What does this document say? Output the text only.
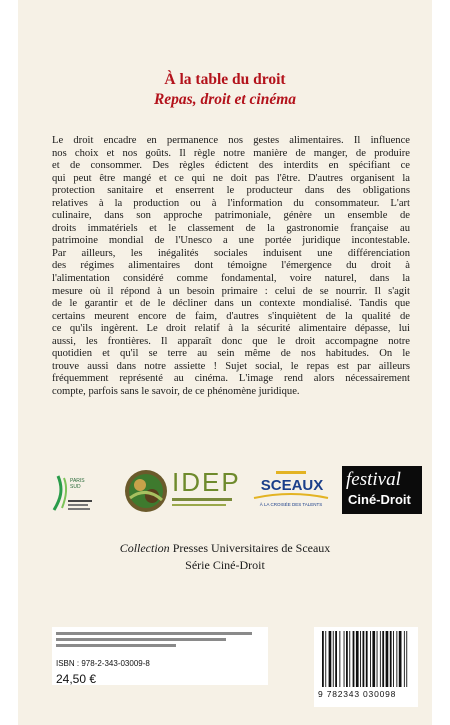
À la table du droit
Repas, droit et cinéma
Le droit encadre en permanence nos gestes alimentaires. Il influence
nos choix et nos goûts. Il règle notre manière de manger, de produire
et de consommer. Des règles édictent des interdits en spécifiant ce
qui peut être mangé et ce qui ne doit pas l'être. D'autres organisent la
protection sanitaire et enserrent le producteur dans des obligations
relatives à la production ou à l'information du consommateur. L'art
culinaire, dans son approche patrimoniale, génère un ensemble de
droits immatériels et le classement de la gastronomie française au
patrimoine mondial de l'Unesco a une portée juridique incontestable.
Par ailleurs, les inégalités sociales induisent une différenciation
des régimes alimentaires dont témoigne l'émergence du droit à
l'alimentation considéré comme fondamental, voire naturel, dans la
mesure où il répond à un besoin primaire : celui de se nourrir. Il s'agit
de le garantir et de le décliner dans un contexte mondialisé. Tandis que
certains meurent encore de faim, d'autres s'inquiètent de la qualité de
ce qu'ils ingèrent. Le droit relatif à la sécurité alimentaire dépasse, lui
aussi, les frontières. Il apparaît donc que le droit accompagne notre
quotidien et qu'il se terre au sein même de nos habitudes. On le
trouve aussi dans notre assiette ! Sujet social, le repas est par ailleurs
fréquemment représenté au cinéma. L'image rend alors nécessairement
compte, parfois sans le savoir, de ce phénomène juridique.
PARIS SUD	IDEP	SCEAUX
À LA CROISÉE DES TALENTS
festival
Ciné-Droit
Collection Presses Universitaires de Sceaux
Série Ciné-Droit
ISBN : 978-2-343-03009-8
24,50 €
9 782343 030098
